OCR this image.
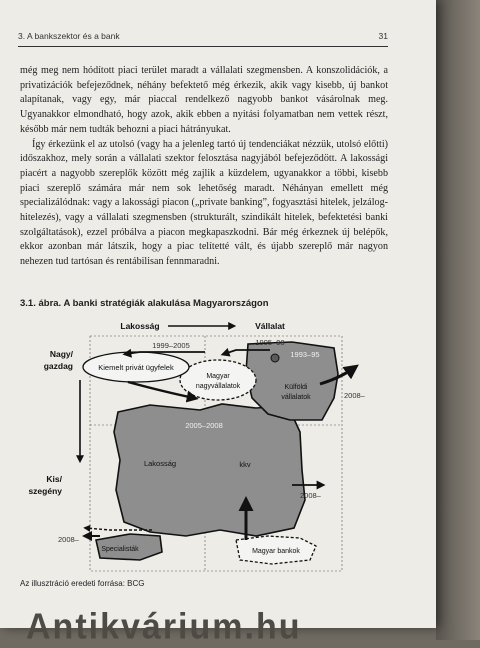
3. A bankszektor és a bank	31

még meg nem hódított piaci terület maradt a vállalati szegmensben. A konszolidációk, a privatizációk befejeződnek, néhány befektető még érkezik, akik vagy kisebb, új bankot alapítanak, vagy egy, már piaccal rendelkező nagyobb bankot vásárolnak meg. Ugyanakkor elmondható, hogy azok, akik ebben a nyitási folyamatban nem vettek részt, később már nem tudták behozni a piaci hátrányukat.

Így érkezünk el az utolsó (vagy ha a jelenleg tartó új tendenciákat nézzük, utolsó előtti) időszakhoz, mely során a vállalati szektor felosztása nagyjából befejeződött. A lakossági piacért a nagyobb szereplők között még zajlik a küzdelem, ugyanakkor a többi, kisebb piaci szereplő számára már nem sok lehetőség maradt. Néhányan emellett még specializálódnak: vagy a lakossági piacon („private banking”, fogyasztási hitelek, jelzálog-hitelezés), vagy a vállalati szegmensben (strukturált, szindikált hitelek, befektetési banki szolgáltatások), ezzel próbálva a piacon megkapaszkodni. Bár még érkeznek új belépők, ekkor azonban már látszik, hogy a piac telítetté vált, és újabb szereplő már nagyon nehezen tud tartósan és rentábilisan fennmaradni.

3.1. ábra. A banki stratégiák alakulása Magyarországon
Lakosság	Vállalat
Nagy/
gazdag
Kis/
szegény
2005–2008
Lakosság	kkv
1993–95
Külföldi
vállalatok
Magyar
nagyvállalatok
Kiemelt privát ügyfelek
1999–2005	1995–98
2008–
2008–
Specialisták
2008–
Magyar bankok
Az illusztráció eredeti forrása: BCG
Antikvárium.hu
